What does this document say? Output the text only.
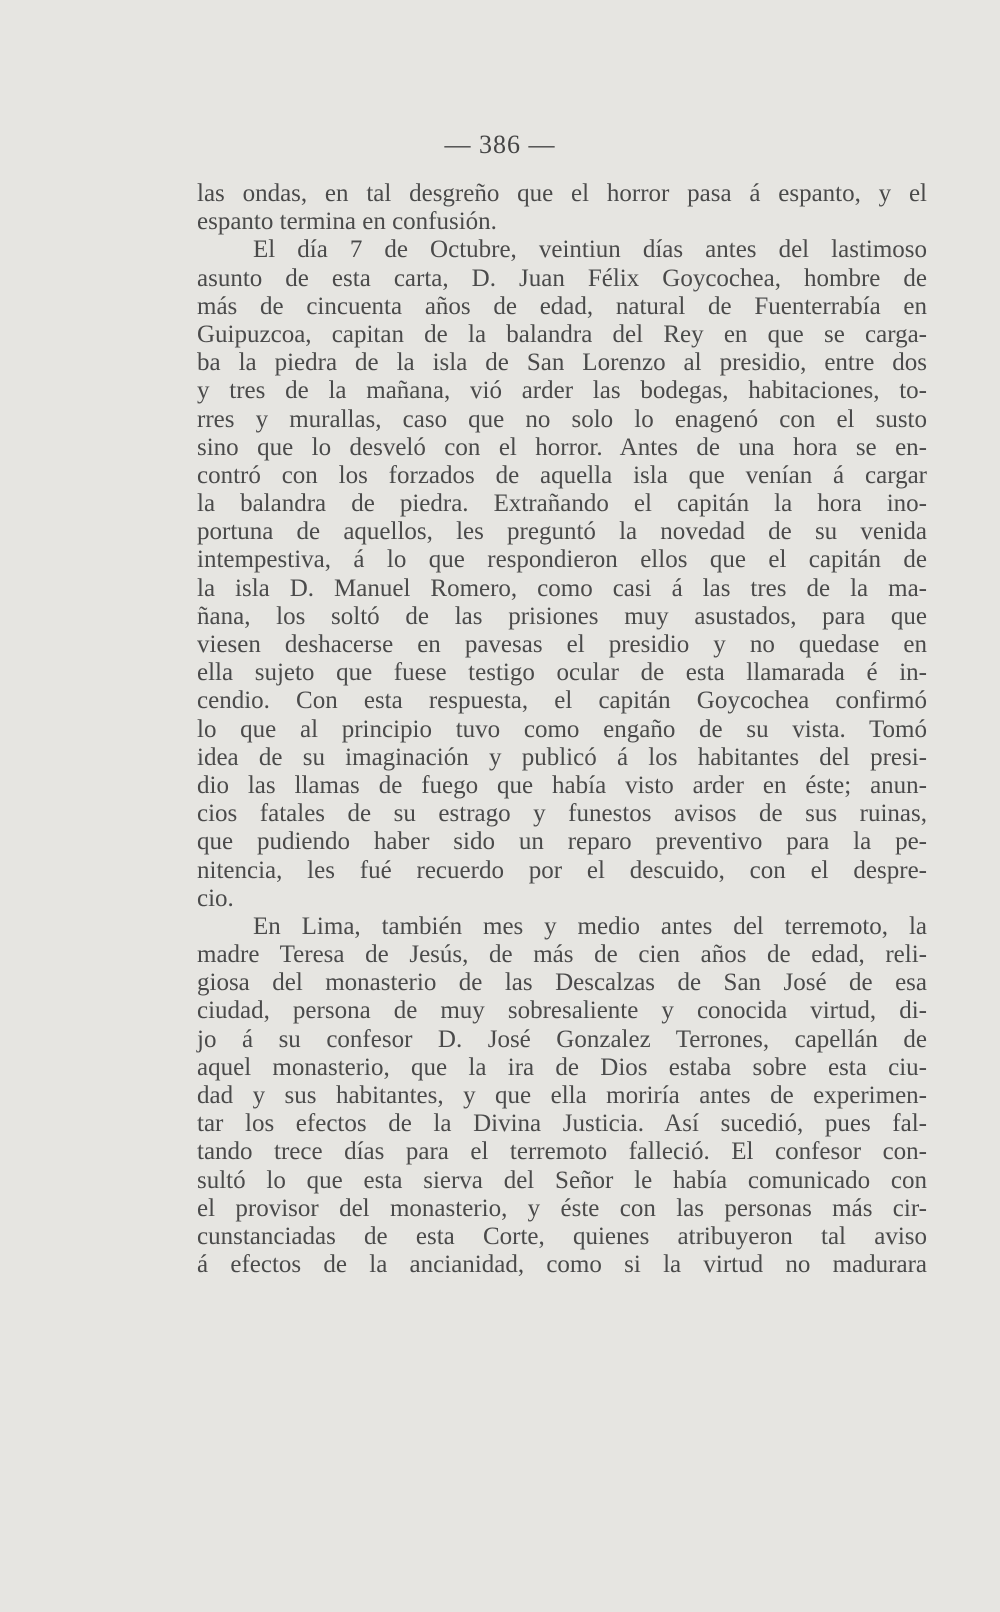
— 386 —
las ondas, en tal desgreño que el horror pasa á espanto, y el
espanto termina en confusión.
El día 7 de Octubre, veintiun días antes del lastimoso
asunto de esta carta, D. Juan Félix Goycochea, hombre de
más de cincuenta años de edad, natural de Fuenterrabía en
Guipuzcoa, capitan de la balandra del Rey en que se carga-
ba la piedra de la isla de San Lorenzo al presidio, entre dos
y tres de la mañana, vió arder las bodegas, habitaciones, to-
rres y murallas, caso que no solo lo enagenó con el susto
sino que lo desveló con el horror. Antes de una hora se en-
contró con los forzados de aquella isla que venían á cargar
la balandra de piedra. Extrañando el capitán la hora ino-
portuna de aquellos, les preguntó la novedad de su venida
intempestiva, á lo que respondieron ellos que el capitán de
la isla D. Manuel Romero, como casi á las tres de la ma-
ñana, los soltó de las prisiones muy asustados, para que
viesen deshacerse en pavesas el presidio y no quedase en
ella sujeto que fuese testigo ocular de esta llamarada é in-
cendio. Con esta respuesta, el capitán Goycochea confirmó
lo que al principio tuvo como engaño de su vista. Tomó
idea de su imaginación y publicó á los habitantes del presi-
dio las llamas de fuego que había visto arder en éste; anun-
cios fatales de su estrago y funestos avisos de sus ruinas,
que pudiendo haber sido un reparo preventivo para la pe-
nitencia, les fué recuerdo por el descuido, con el despre-
cio.
En Lima, también mes y medio antes del terremoto, la
madre Teresa de Jesús, de más de cien años de edad, reli-
giosa del monasterio de las Descalzas de San José de esa
ciudad, persona de muy sobresaliente y conocida virtud, di-
jo á su confesor D. José Gonzalez Terrones, capellán de
aquel monasterio, que la ira de Dios estaba sobre esta ciu-
dad y sus habitantes, y que ella moriría antes de experimen-
tar los efectos de la Divina Justicia. Así sucedió, pues fal-
tando trece días para el terremoto falleció. El confesor con-
sultó lo que esta sierva del Señor le había comunicado con
el provisor del monasterio, y éste con las personas más cir-
cunstanciadas de esta Corte, quienes atribuyeron tal aviso
á efectos de la ancianidad, como si la virtud no madurara
